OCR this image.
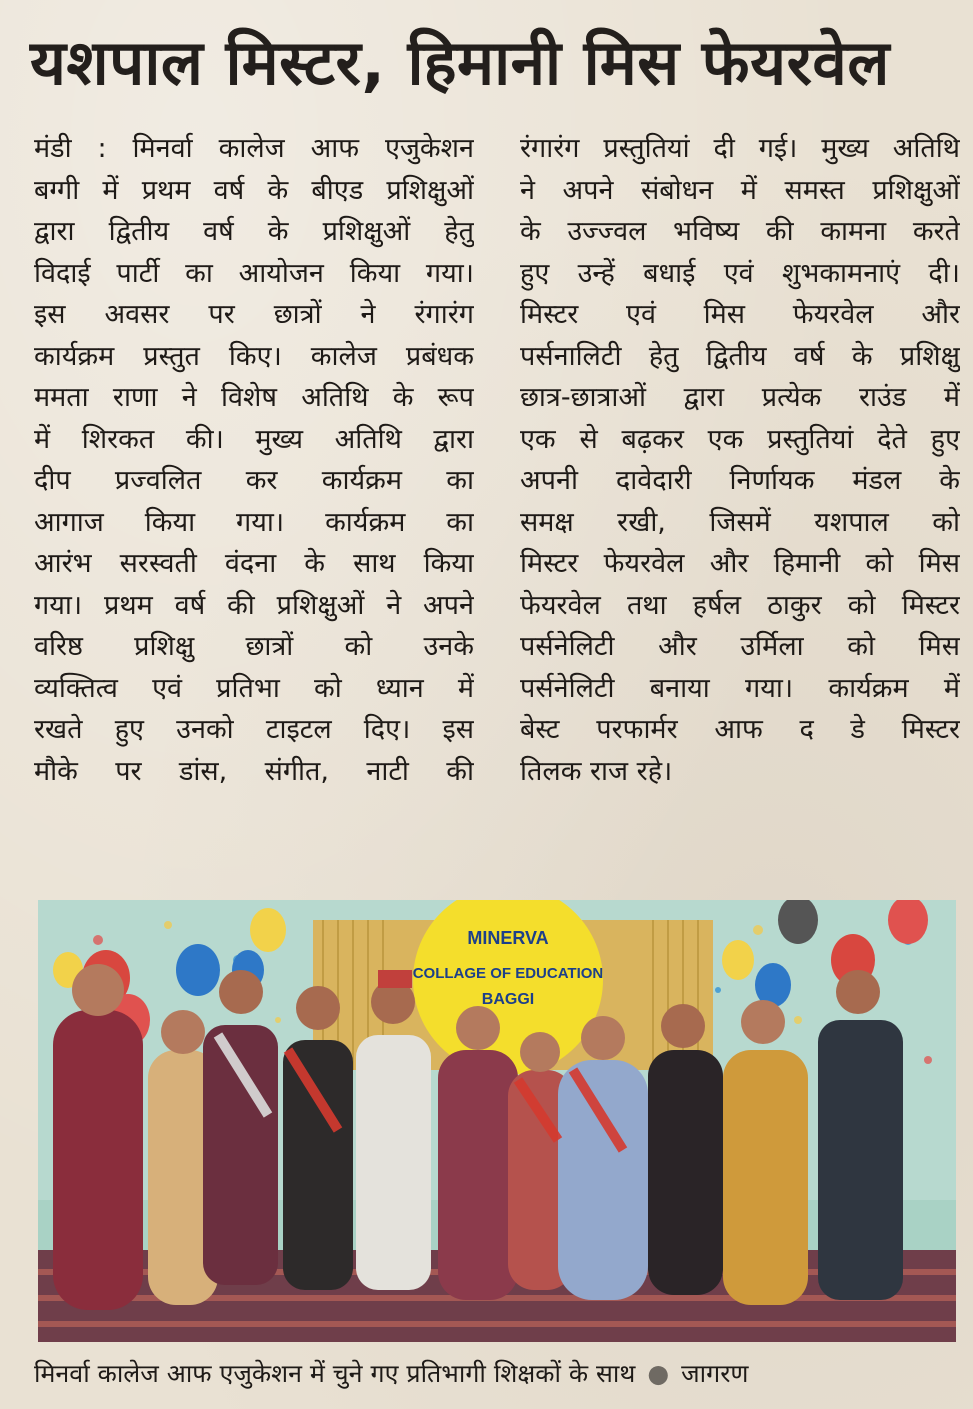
यशपाल मिस्टर, हिमानी मिस फेयरवेल
मंडी : मिनर्वा कालेज आफ एजुकेशन
बग्गी में प्रथम वर्ष के बीएड प्रशिक्षुओं
द्वारा द्वितीय वर्ष के प्रशिक्षुओं हेतु
विदाई पार्टी का आयोजन किया गया।
इस अवसर पर छात्रों ने रंगारंग
कार्यक्रम प्रस्तुत किए। कालेज प्रबंधक
ममता राणा ने विशेष अतिथि के रूप
में शिरकत की। मुख्य अतिथि द्वारा
दीप प्रज्वलित कर कार्यक्रम का
आगाज किया गया। कार्यक्रम का
आरंभ सरस्वती वंदना के साथ किया
गया। प्रथम वर्ष की प्रशिक्षुओं ने अपने
वरिष्ठ प्रशिक्षु छात्रों को उनके
व्यक्तित्व एवं प्रतिभा को ध्यान में
रखते हुए उनको टाइटल दिए। इस
मौके पर डांस, संगीत, नाटी की
रंगारंग प्रस्तुतियां दी गई। मुख्य अतिथि
ने अपने संबोधन में समस्त प्रशिक्षुओं
के उज्ज्वल भविष्य की कामना करते
हुए उन्हें बधाई एवं शुभकामनाएं दी।
मिस्टर एवं मिस फेयरवेल और
पर्सनालिटी हेतु द्वितीय वर्ष के प्रशिक्षु
छात्र-छात्राओं द्वारा प्रत्येक राउंड में
एक से बढ़कर एक प्रस्तुतियां देते हुए
अपनी दावेदारी निर्णायक मंडल के
समक्ष रखी, जिसमें यशपाल को
मिस्टर फेयरवेल और हिमानी को मिस
फेयरवेल तथा हर्षल ठाकुर को मिस्टर
पर्सनेलिटी और उर्मिला को मिस
पर्सनेलिटी बनाया गया। कार्यक्रम में
बेस्ट परफार्मर आफ द डे मिस्टर
तिलक राज रहे।
MINERVA
COLLAGE OF EDUCATION
BAGGI
मिनर्वा कालेज आफ एजुकेशन में चुने गए प्रतिभागी शिक्षकों के साथ ● जागरण
